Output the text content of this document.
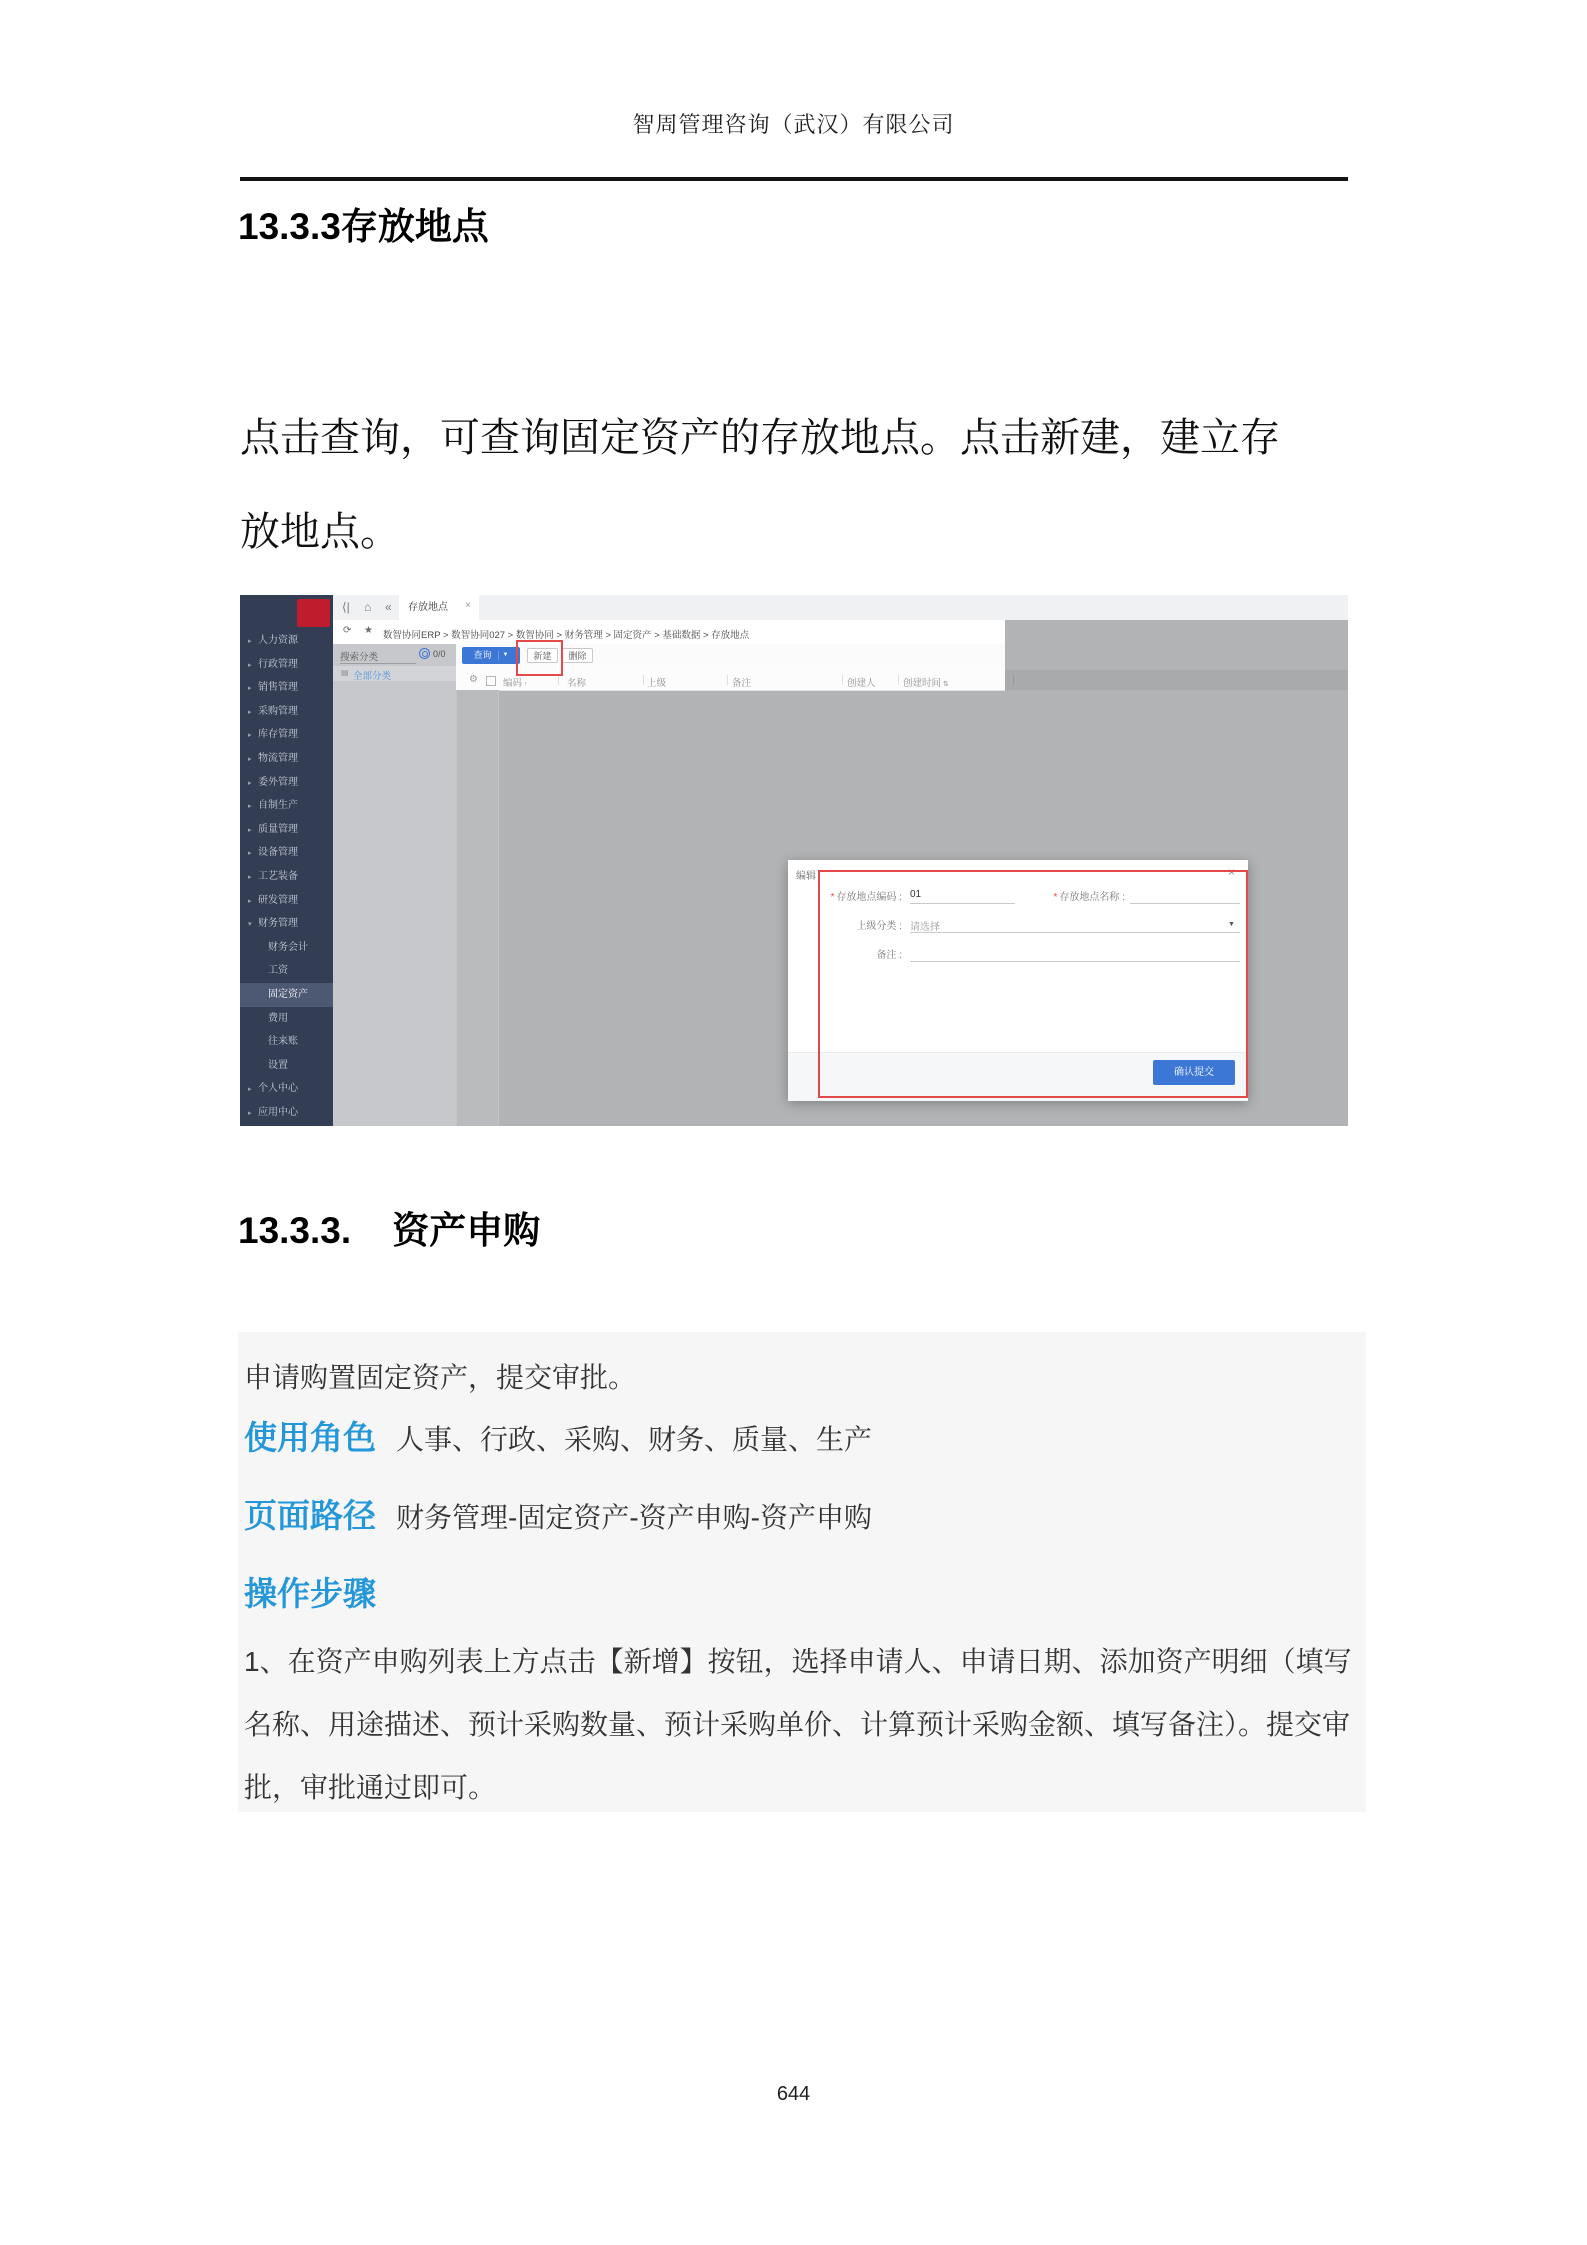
智周管理咨询（武汉）有限公司
13.3.3存放地点
点击查询，可查询固定资产的存放地点。点击新建，建立存
放地点。
▸ 人力资源
▸ 行政管理
▸ 销售管理
▸ 采购管理
▸ 库存管理
▸ 物流管理
▸ 委外管理
▸ 自制生产
▸ 质量管理
▸ 设备管理
▸ 工艺装备
▸ 研发管理
▾ 财务管理
财务会计
工资
固定资产
费用
往来账
设置
▸ 个人中心
▸ 应用中心
⟨| ⌂ «	存放地点	×
⟳ ★ 数智协同ERP > 数智协同027 > 数智协同 > 财务管理 > 固定资产 > 基础数据 > 存放地点
搜索分类	0/0
▤ 全部分类
查询 ▼	新建	删除
⚙	编码 ↑	名称	上级	备注	创建人	创建时间 ⇅
编辑	×
* 存放地点编码 : 01	* 存放地点名称 :
上级分类 : 请选择	▼
备注 :
确认提交
13.3.3.    资产申购
申请购置固定资产，提交审批。
使用角色 人事、行政、采购、财务、质量、生产
页面路径 财务管理-固定资产-资产申购-资产申购
操作步骤
1、在资产申购列表上方点击【新增】按钮，选择申请人、申请日期、添加资产明细（填写
名称、用途描述、预计采购数量、预计采购单价、计算预计采购金额、填写备注）。提交审
批，审批通过即可。
644
